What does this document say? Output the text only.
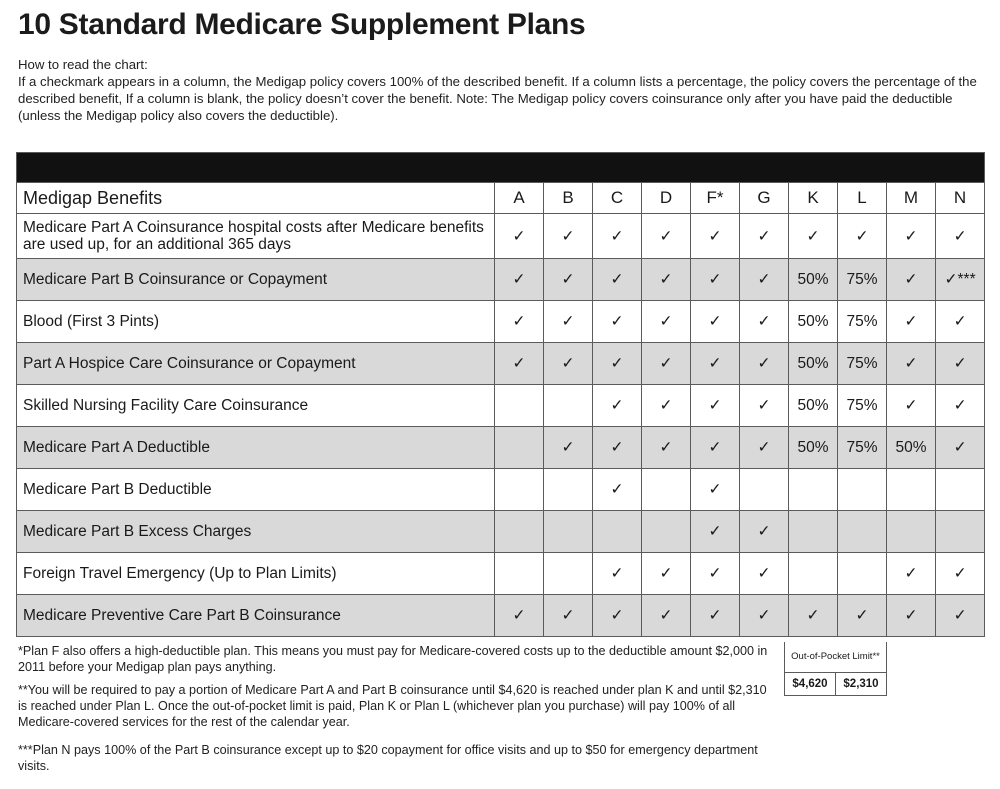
10 Standard Medicare Supplement Plans

How to read the chart:

If a checkmark appears in a column, the Medigap policy covers 100% of the described benefit. If a column lists a percentage, the policy covers the percentage of the described benefit, If a column is blank, the policy doesn’t cover the benefit. Note: The Medigap policy covers coinsurance only after you have paid the deductible (unless the Medigap policy also covers the deductible).

Medigap Benefits	A	B	C	D	F*	G	K	L	M	N
Medicare Part A Coinsurance hospital costs after Medicare benefits are used up, for an additional 365 days	✓	✓	✓	✓	✓	✓	✓	✓	✓	✓
Medicare Part B Coinsurance or Copayment	✓	✓	✓	✓	✓	✓	50%	75%	✓	✓***
Blood (First 3 Pints)	✓	✓	✓	✓	✓	✓	50%	75%	✓	✓
Part A Hospice Care Coinsurance or Copayment	✓	✓	✓	✓	✓	✓	50%	75%	✓	✓
Skilled Nursing Facility Care Coinsurance			✓	✓	✓	✓	50%	75%	✓	✓
Medicare Part A Deductible		✓	✓	✓	✓	✓	50%	75%	50%	✓
Medicare Part B Deductible			✓		✓					
Medicare Part B Excess Charges					✓	✓				
Foreign Travel Emergency (Up to Plan Limits)			✓	✓	✓	✓			✓	✓
Medicare Preventive Care Part B Coinsurance	✓	✓	✓	✓	✓	✓	✓	✓	✓	✓
Out-of-Pocket Limit**
$4,620	$2,310

*Plan F also offers a high-deductible plan. This means you must pay for Medicare-covered costs up to the deductible amount $2,000 in 2011 before your Medigap plan pays anything.

**You will be required to pay a portion of Medicare Part A and Part B coinsurance until $4,620 is reached under plan K and until $2,310 is reached under Plan L. Once the out-of-pocket limit is paid, Plan K or Plan L (whichever plan you purchase) will pay 100% of all Medicare-covered services for the rest of the calendar year.

***Plan N pays 100% of the Part B coinsurance except up to $20 copayment for office visits and up to $50 for emergency department visits.
